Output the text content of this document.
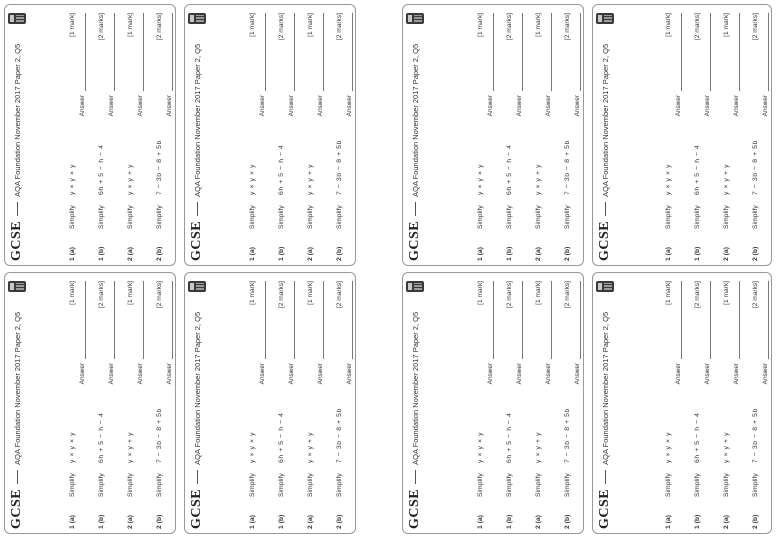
GCSE
AQA Foundation November 2017 Paper 2, Q5
1 (a)
Simplify
y × y × y
[1 mark]
Answer
1 (b)
Simplify
6h + 5 − h − 4
[2 marks]
Answer
2 (a)
Simplify
y × y + y
[1 mark]
Answer
2 (b)
Simplify
7 − 3b − 8 + 5b
[2 marks]
Answer
GCSE
AQA Foundation November 2017 Paper 2, Q5
1 (a)
Simplify
y × y × y
[1 mark]
Answer
1 (b)
Simplify
6h + 5 − h − 4
[2 marks]
Answer
2 (a)
Simplify
y × y + y
[1 mark]
Answer
2 (b)
Simplify
7 − 3b − 8 + 5b
[2 marks]
Answer
GCSE
AQA Foundation November 2017 Paper 2, Q5
1 (a)
Simplify
y × y × y
[1 mark]
Answer
1 (b)
Simplify
6h + 5 − h − 4
[2 marks]
Answer
2 (a)
Simplify
y × y + y
[1 mark]
Answer
2 (b)
Simplify
7 − 3b − 8 + 5b
[2 marks]
Answer
GCSE
AQA Foundation November 2017 Paper 2, Q5
1 (a)
Simplify
y × y × y
[1 mark]
Answer
1 (b)
Simplify
6h + 5 − h − 4
[2 marks]
Answer
2 (a)
Simplify
y × y + y
[1 mark]
Answer
2 (b)
Simplify
7 − 3b − 8 + 5b
[2 marks]
Answer
GCSE
AQA Foundation November 2017 Paper 2, Q5
1 (a)
Simplify
y × y × y
[1 mark]
Answer
1 (b)
Simplify
6h + 5 − h − 4
[2 marks]
Answer
2 (a)
Simplify
y × y + y
[1 mark]
Answer
2 (b)
Simplify
7 − 3b − 8 + 5b
[2 marks]
Answer
GCSE
AQA Foundation November 2017 Paper 2, Q5
1 (a)
Simplify
y × y × y
[1 mark]
Answer
1 (b)
Simplify
6h + 5 − h − 4
[2 marks]
Answer
2 (a)
Simplify
y × y + y
[1 mark]
Answer
2 (b)
Simplify
7 − 3b − 8 + 5b
[2 marks]
Answer
GCSE
AQA Foundation November 2017 Paper 2, Q5
1 (a)
Simplify
y × y × y
[1 mark]
Answer
1 (b)
Simplify
6h + 5 − h − 4
[2 marks]
Answer
2 (a)
Simplify
y × y + y
[1 mark]
Answer
2 (b)
Simplify
7 − 3b − 8 + 5b
[2 marks]
Answer
GCSE
AQA Foundation November 2017 Paper 2, Q5
1 (a)
Simplify
y × y × y
[1 mark]
Answer
1 (b)
Simplify
6h + 5 − h − 4
[2 marks]
Answer
2 (a)
Simplify
y × y + y
[1 mark]
Answer
2 (b)
Simplify
7 − 3b − 8 + 5b
[2 marks]
Answer
